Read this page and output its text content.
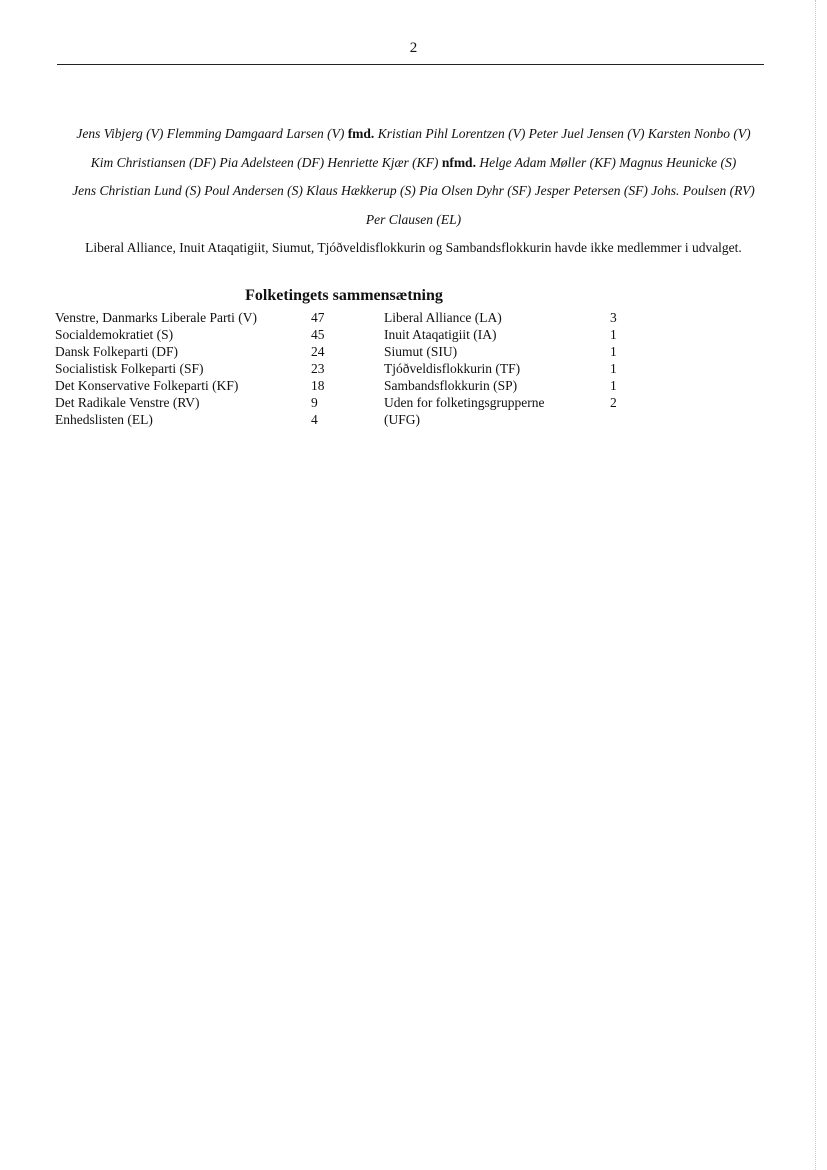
2
Jens Vibjerg (V) Flemming Damgaard Larsen (V) fmd. Kristian Pihl Lorentzen (V) Peter Juel Jensen (V) Karsten Nonbo (V)
Kim Christiansen (DF) Pia Adelsteen (DF) Henriette Kjær (KF) nfmd. Helge Adam Møller (KF) Magnus Heunicke (S)
Jens Christian Lund (S) Poul Andersen (S) Klaus Hækkerup (S) Pia Olsen Dyhr (SF) Jesper Petersen (SF) Johs. Poulsen (RV)
Per Clausen (EL)
Liberal Alliance, Inuit Ataqatigiit, Siumut, Tjóðveldisflokkurin og Sambandsflokkurin havde ikke medlemmer i udvalget.
Folketingets sammensætning
Venstre, Danmarks Liberale Parti (V)	47	Liberal Alliance (LA)	3
Socialdemokratiet (S)	45	Inuit Ataqatigiit (IA)	1
Dansk Folkeparti (DF)	24	Siumut (SIU)	1
Socialistisk Folkeparti (SF)	23	Tjóðveldisflokkurin (TF)	1
Det Konservative Folkeparti (KF)	18	Sambandsflokkurin (SP)	1
Det Radikale Venstre (RV)	9	Uden for folketingsgrupperne	2
Enhedslisten (EL)	4	(UFG)
